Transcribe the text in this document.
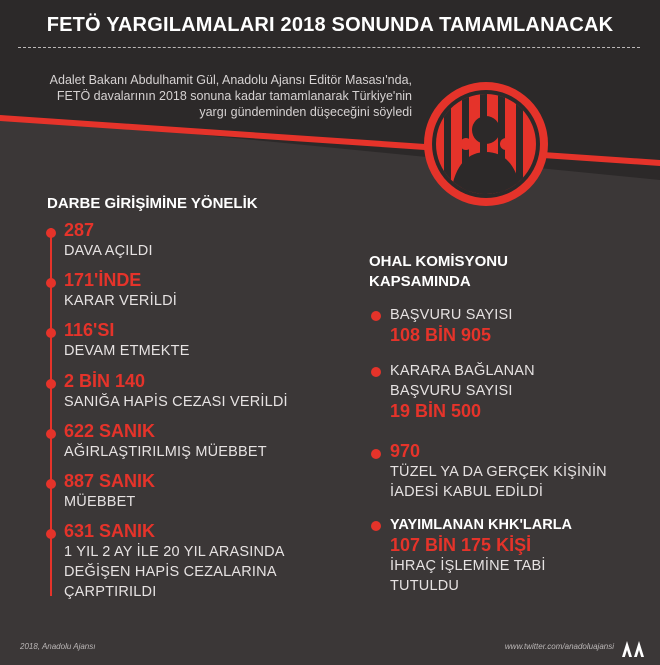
FETÖ YARGILAMALARI 2018 SONUNDA TAMAMLANACAK
Adalet Bakanı Abdulhamit Gül, Anadolu Ajansı Editör Masası'nda,
FETÖ davalarının 2018 sonuna kadar tamamlanarak Türkiye'nin
yargı gündeminden düşeceğini söyledi
DARBE GİRİŞİMİNE YÖNELİK
287
DAVA AÇILDI
171'İNDE
KARAR VERİLDİ
116'SI
DEVAM ETMEKTE
2 BİN 140
SANIĞA HAPİS CEZASI VERİLDİ
622 SANIK
AĞIRLAŞTIRILMIŞ MÜEBBET
887 SANIK
MÜEBBET
631 SANIK
1 YIL 2 AY İLE 20 YIL ARASINDA
DEĞİŞEN HAPİS CEZALARINA
ÇARPTIRILDI
OHAL KOMİSYONU
KAPSAMINDA
BAŞVURU SAYISI
108 BİN 905
KARARA BAĞLANAN
BAŞVURU SAYISI
19 BİN 500
970
TÜZEL YA DA GERÇEK KİŞİNİN
İADESİ KABUL EDİLDİ
YAYIMLANAN KHK'LARLA
107 BİN 175 KİŞİ
İHRAÇ İŞLEMİNE TABİ
TUTULDU
2018, Anadolu Ajansı	www.twitter.com/anadoluajansi
